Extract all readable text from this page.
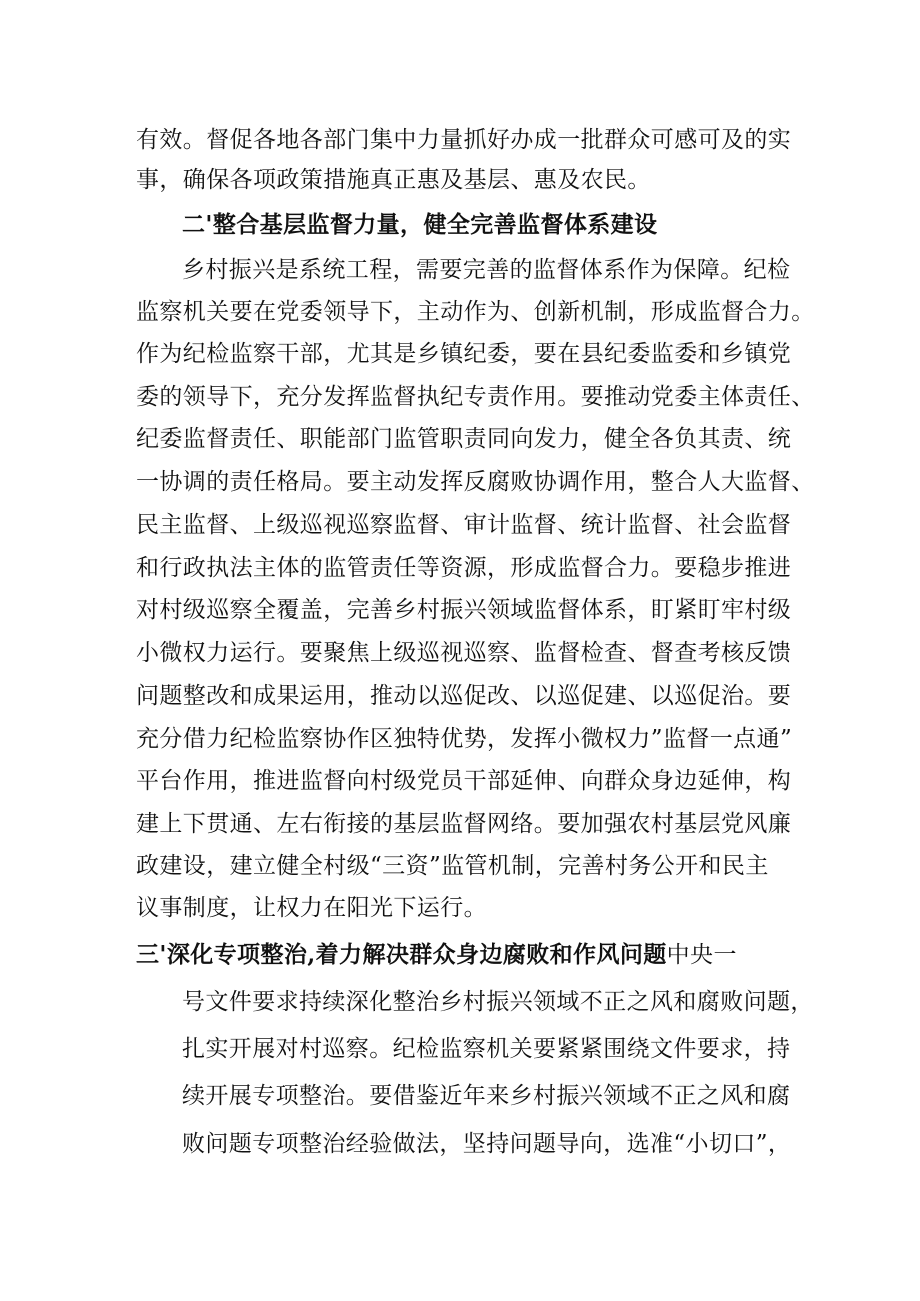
有效。督促各地各部门集中力量抓好办成一批群众可感可及的实
事，确保各项政策措施真正惠及基层、惠及农民。
二'整合基层监督力量，健全完善监督体系建设
乡村振兴是系统工程，需要完善的监督体系作为保障。纪检
监察机关要在党委领导下，主动作为、创新机制，形成监督合力。
作为纪检监察干部，尤其是乡镇纪委，要在县纪委监委和乡镇党
委的领导下，充分发挥监督执纪专责作用。要推动党委主体责任、
纪委监督责任、职能部门监管职责同向发力，健全各负其责、统
一协调的责任格局。要主动发挥反腐败协调作用，整合人大监督、
民主监督、上级巡视巡察监督、审计监督、统计监督、社会监督
和行政执法主体的监管责任等资源，形成监督合力。要稳步推进
对村级巡察全覆盖，完善乡村振兴领域监督体系，盯紧盯牢村级
小微权力运行。要聚焦上级巡视巡察、监督检查、督查考核反馈
问题整改和成果运用，推动以巡促改、以巡促建、以巡促治。要
充分借力纪检监察协作区独特优势，发挥小微权力”监督一点通”
平台作用，推进监督向村级党员干部延伸、向群众身边延伸，构
建上下贯通、左右衔接的基层监督网络。要加强农村基层党风廉
政建设，建立健全村级“三资”监管机制，完善村务公开和民主
议事制度，让权力在阳光下运行。
三'深化专项整治,着力解决群众身边腐败和作风问题中央一
号文件要求持续深化整治乡村振兴领域不正之风和腐败问题，
扎实开展对村巡察。纪检监察机关要紧紧围绕文件要求，持
续开展专项整治。要借鉴近年来乡村振兴领域不正之风和腐
败问题专项整治经验做法，坚持问题导向，选准“小切口”，
